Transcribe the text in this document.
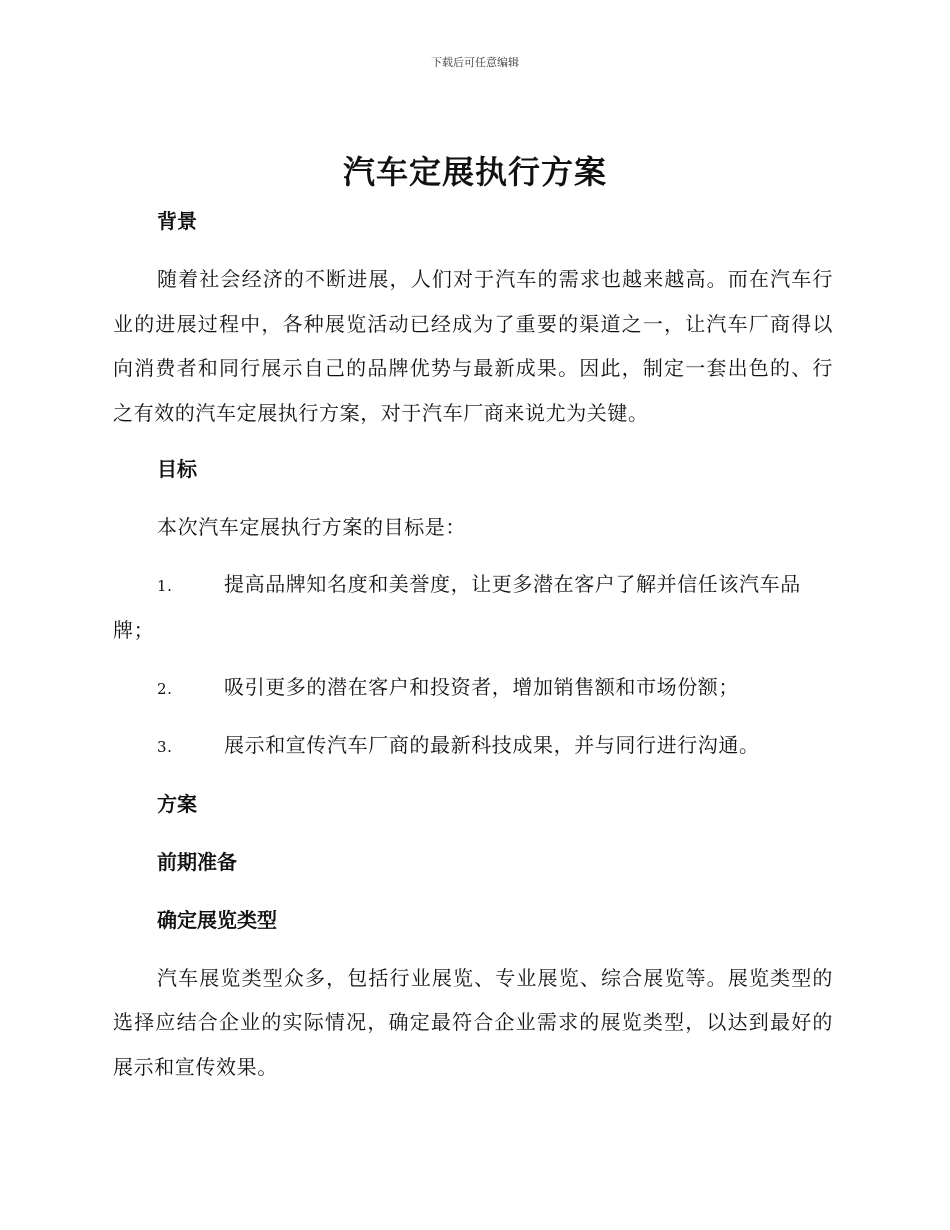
下载后可任意编辑
汽车定展执行方案
背景

随着社会经济的不断进展，人们对于汽车的需求也越来越高。而在汽车行业的进展过程中，各种展览活动已经成为了重要的渠道之一，让汽车厂商得以向消费者和同行展示自己的品牌优势与最新成果。因此，制定一套出色的、行之有效的汽车定展执行方案，对于汽车厂商来说尤为关键。

目标

本次汽车定展执行方案的目标是：

1.	提高品牌知名度和美誉度，让更多潜在客户了解并信任该汽车品牌；
2.	吸引更多的潜在客户和投资者，增加销售额和市场份额；
3.	展示和宣传汽车厂商的最新科技成果，并与同行进行沟通。
方案
前期准备
确定展览类型

汽车展览类型众多，包括行业展览、专业展览、综合展览等。展览类型的选择应结合企业的实际情况，确定最符合企业需求的展览类型，以达到最好的展示和宣传效果。
